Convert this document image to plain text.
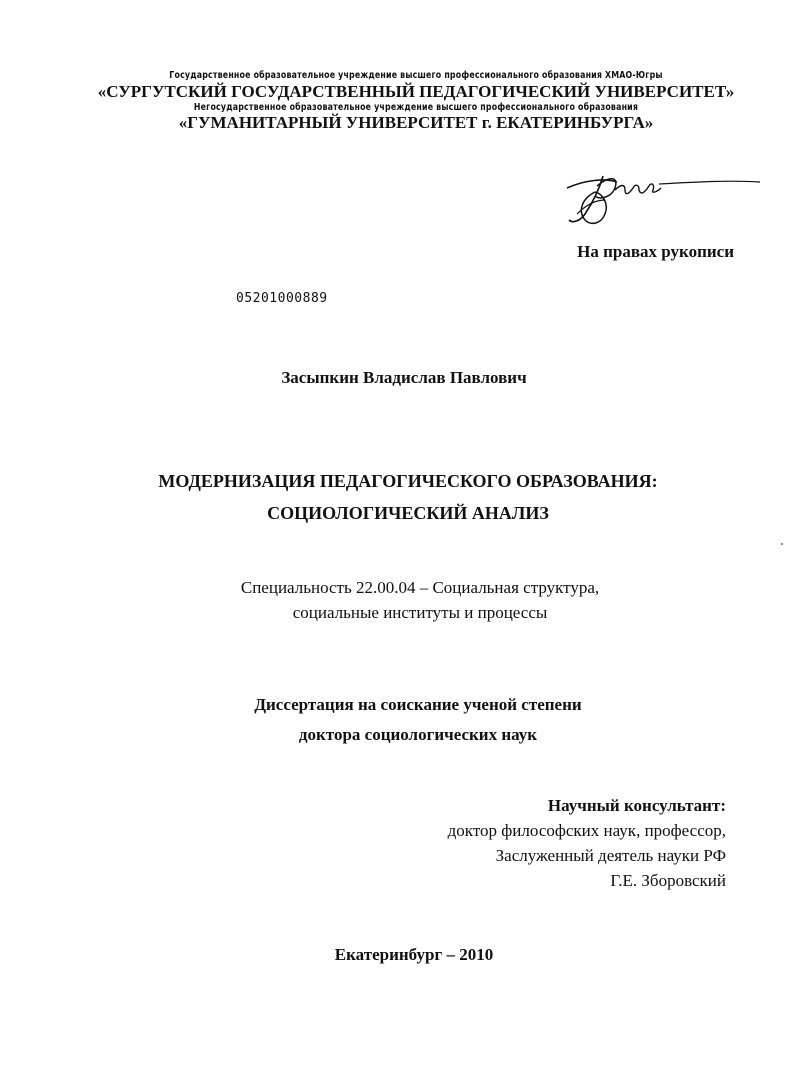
Государственное образовательное учреждение высшего профессионального образования ХМАО-Югры
«СУРГУТСКИЙ ГОСУДАРСТВЕННЫЙ ПЕДАГОГИЧЕСКИЙ УНИВЕРСИТЕТ»
Негосударственное образовательное учреждение высшего профессионального образования
«ГУМАНИТАРНЫЙ УНИВЕРСИТЕТ г. ЕКАТЕРИНБУРГА»
На правах рукописи
05201000889
Засыпкин Владислав Павлович
МОДЕРНИЗАЦИЯ ПЕДАГОГИЧЕСКОГО ОБРАЗОВАНИЯ:
СОЦИОЛОГИЧЕСКИЙ АНАЛИЗ
Специальность 22.00.04 – Социальная структура,
социальные институты и процессы
Диссертация на соискание ученой степени
доктора социологических наук
Научный консультант:
доктор философских наук, профессор,
Заслуженный деятель науки РФ
Г.Е. Зборовский
Екатеринбург – 2010
